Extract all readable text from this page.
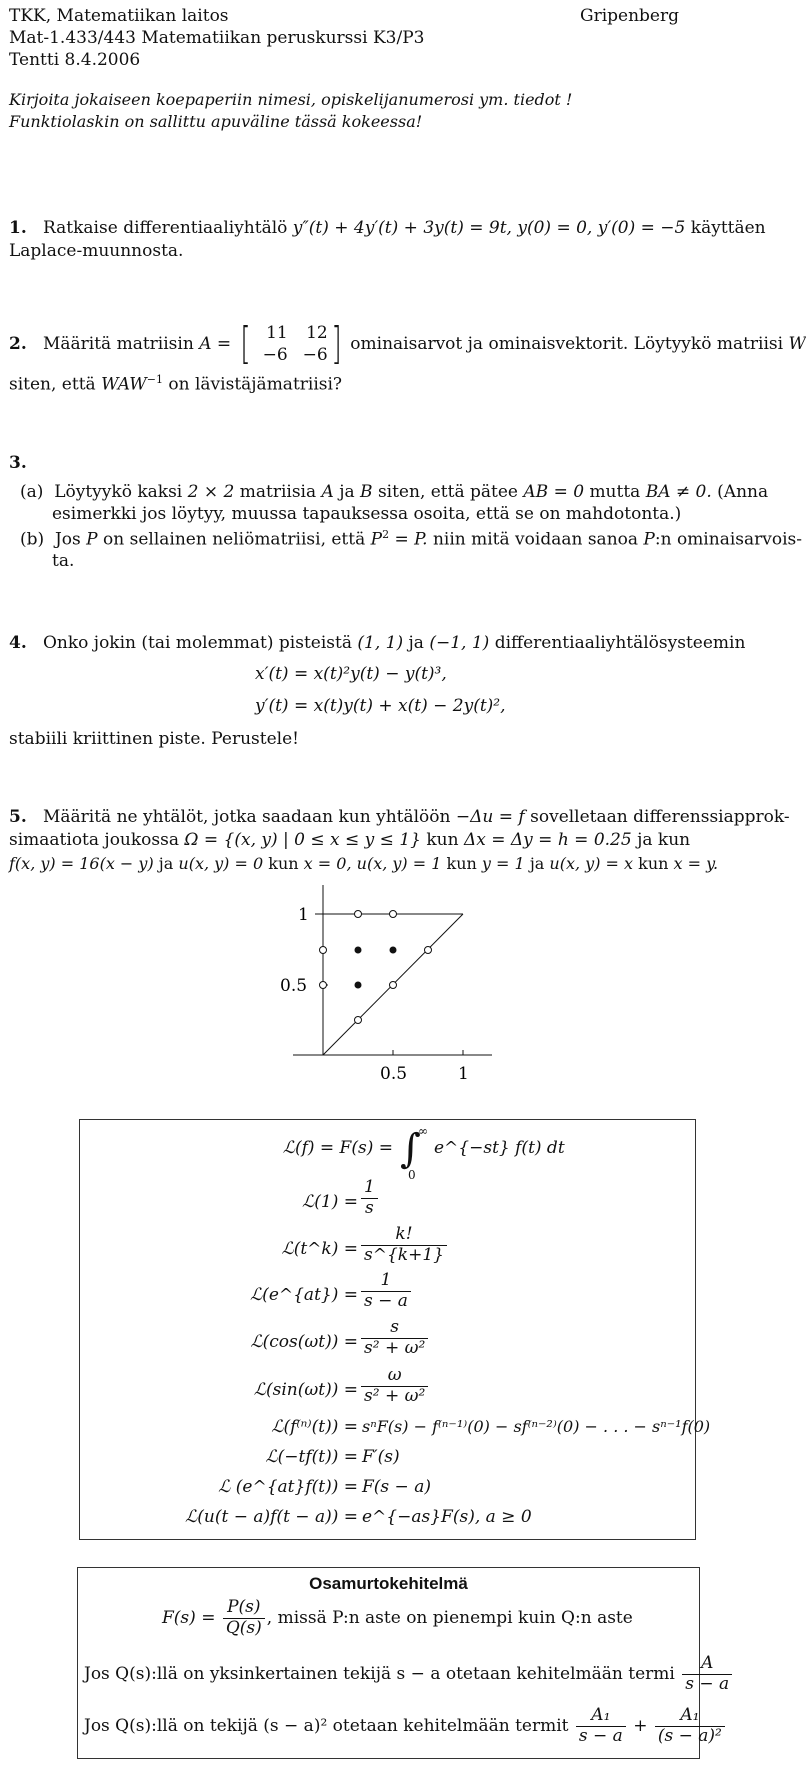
TKK, Matematiikan laitos	Gripenberg
Mat-1.433/443 Matematiikan peruskurssi K3/P3
Tentti 8.4.2006
Kirjoita jokaiseen koepaperiin nimesi, opiskelijanumerosi ym. tiedot !
Funktiolaskin on sallittu apuväline tässä kokeessa!
1. Ratkaise differentiaaliyhtälö y″(t) + 4y′(t) + 3y(t) = 9t, y(0) = 0, y′(0) = −5 käyttäen
Laplace-muunnosta.
2. Määritä matriisin A = [ 11 12
−6 −6] ominaisarvot ja ominaisvektorit. Löytyykö matriisi W
siten, että $WAW^{-1}$ on lävistäjämatriisi?
3.
(a) Löytyykö kaksi 2 × 2 matriisia A ja B siten, että pätee AB = 0 mutta BA ≠ 0. (Anna
esimerkki jos löytyy, muussa tapauksessa osoita, että se on mahdotonta.)
(b) Jos P on sellainen neliömatriisi, että $P^2 = P$. niin mitä voidaan sanoa P:n ominaisarvois-
ta.
4. Onko jokin (tai molemmat) pisteistä (1, 1) ja (−1, 1) differentiaaliyhtälösysteemin
x′(t) = x(t)²y(t) − y(t)³,
y′(t) = x(t)y(t) + x(t) − 2y(t)²,
stabiili kriittinen piste. Perustele!
5. Määritä ne yhtälöt, jotka saadaan kun yhtälöön −Δu = f sovelletaan differenssiapprok-
simaatiota joukossa Ω = {(x, y) | 0 ≤ x ≤ y ≤ 1} kun Δx = Δy = h = 0.25 ja kun
f(x, y) = 16(x − y) ja u(x, y) = 0 kun x = 0, u(x, y) = 1 kun y = 1 ja u(x, y) = x kun x = y.
1
0.5
0.5	1
ℒ(f) = F(s) = ∫
∞
0
e^{−st} f(t) dt
ℒ(1) = $\frac{1}{s}$
ℒ(t^k) = $\frac{k!}{s\^{}\{k+1\}}$
ℒ(e^{at}) = $\frac{1}{s - a}$
ℒ(cos(ωt)) = $\frac{s}{\text{s² + ω²}}$
ℒ(sin(ωt)) = $\frac{\omega}{\text{s² + ω²}}$
ℒ(f⁽ⁿ⁾(t)) = sⁿF(s) − f⁽ⁿ⁻¹⁾(0) − sf⁽ⁿ⁻²⁾(0) − . . . − sⁿ⁻¹f(0)
ℒ(−tf(t)) = F′(s)
ℒ (e^{at}f(t)) = F(s − a)
ℒ(u(t − a)f(t − a)) = e^{−as}F(s), a ≥ 0
Osamurtokehitelmä
$F(s) = \frac{P(s)}{Q(s)}$ , missä P:n aste on pienempi kuin Q:n aste
Jos Q(s):llä on yksinkertainen tekijä s − a otetaan kehitelmään termi $\frac{A}{s - a}$
Jos Q(s):llä on tekijä (s − a)² otetaan kehitelmään termit $\frac{\text{A₁}}{s - a} + \frac{\text{A₁}}{\text{(s − a)²}}$
